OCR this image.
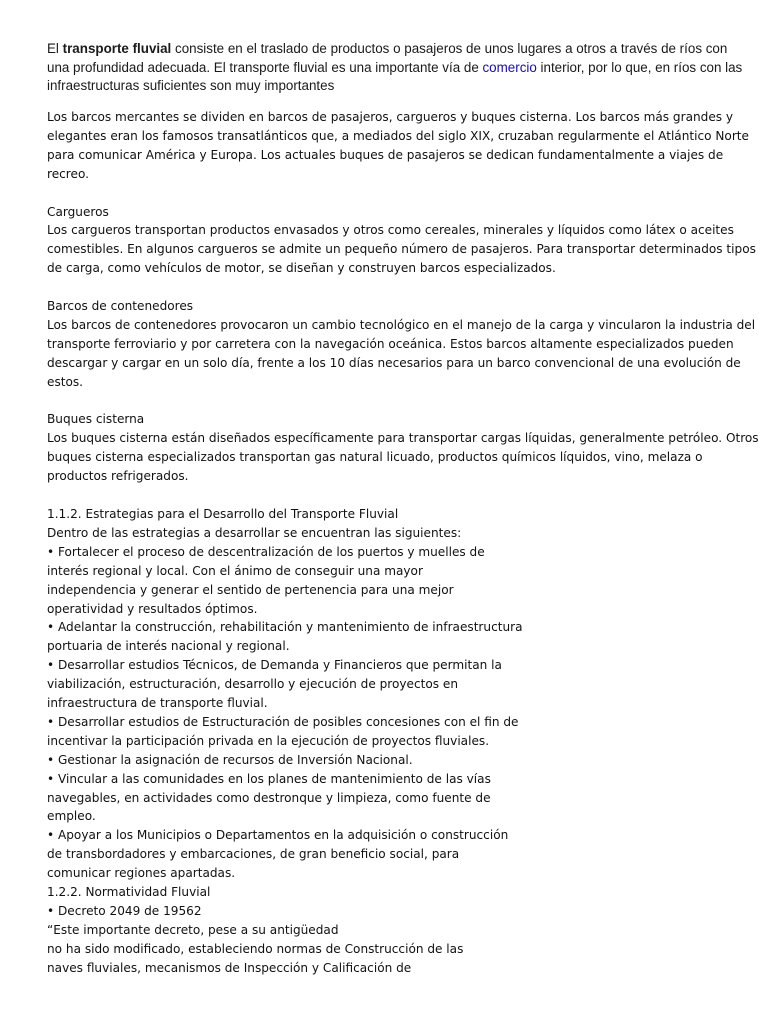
El transporte fluvial consiste en el traslado de productos o pasajeros de unos lugares a otros a través de ríos con
una profundidad adecuada. El transporte fluvial es una importante vía de comercio interior, por lo que, en ríos con las
infraestructuras suficientes son muy importantes
Los barcos mercantes se dividen en barcos de pasajeros, cargueros y buques cisterna. Los barcos más grandes y
elegantes eran los famosos transatlánticos que, a mediados del siglo XIX, cruzaban regularmente el Atlántico Norte
para comunicar América y Europa. Los actuales buques de pasajeros se dedican fundamentalmente a viajes de
recreo.
Cargueros
Los cargueros transportan productos envasados y otros como cereales, minerales y líquidos como látex o aceites
comestibles. En algunos cargueros se admite un pequeño número de pasajeros. Para transportar determinados tipos
de carga, como vehículos de motor, se diseñan y construyen barcos especializados.
Barcos de contenedores
Los barcos de contenedores provocaron un cambio tecnológico en el manejo de la carga y vincularon la industria del
transporte ferroviario y por carretera con la navegación oceánica. Estos barcos altamente especializados pueden
descargar y cargar en un solo día, frente a los 10 días necesarios para un barco convencional de una evolución de
estos.
Buques cisterna
Los buques cisterna están diseñados específicamente para transportar cargas líquidas, generalmente petróleo. Otros
buques cisterna especializados transportan gas natural licuado, productos químicos líquidos, vino, melaza o
productos refrigerados.
1.1.2. Estrategias para el Desarrollo del Transporte Fluvial
Dentro de las estrategias a desarrollar se encuentran las siguientes:
• Fortalecer el proceso de descentralización de los puertos y muelles de
interés regional y local. Con el ánimo de conseguir una mayor
independencia y generar el sentido de pertenencia para una mejor
operatividad y resultados óptimos.
• Adelantar la construcción, rehabilitación y mantenimiento de infraestructura
portuaria de interés nacional y regional.
• Desarrollar estudios Técnicos, de Demanda y Financieros que permitan la
viabilización, estructuración, desarrollo y ejecución de proyectos en
infraestructura de transporte fluvial.
• Desarrollar estudios de Estructuración de posibles concesiones con el fin de
incentivar la participación privada en la ejecución de proyectos fluviales.
• Gestionar la asignación de recursos de Inversión Nacional.
• Vincular a las comunidades en los planes de mantenimiento de las vías
navegables, en actividades como destronque y limpieza, como fuente de
empleo.
• Apoyar a los Municipios o Departamentos en la adquisición o construcción
de transbordadores y embarcaciones, de gran beneficio social, para
comunicar regiones apartadas.
1.2.2. Normatividad Fluvial
• Decreto 2049 de 19562
“Este importante decreto, pese a su antigüedad
no ha sido modificado, estableciendo normas de Construcción de las
naves fluviales, mecanismos de Inspección y Calificación de
